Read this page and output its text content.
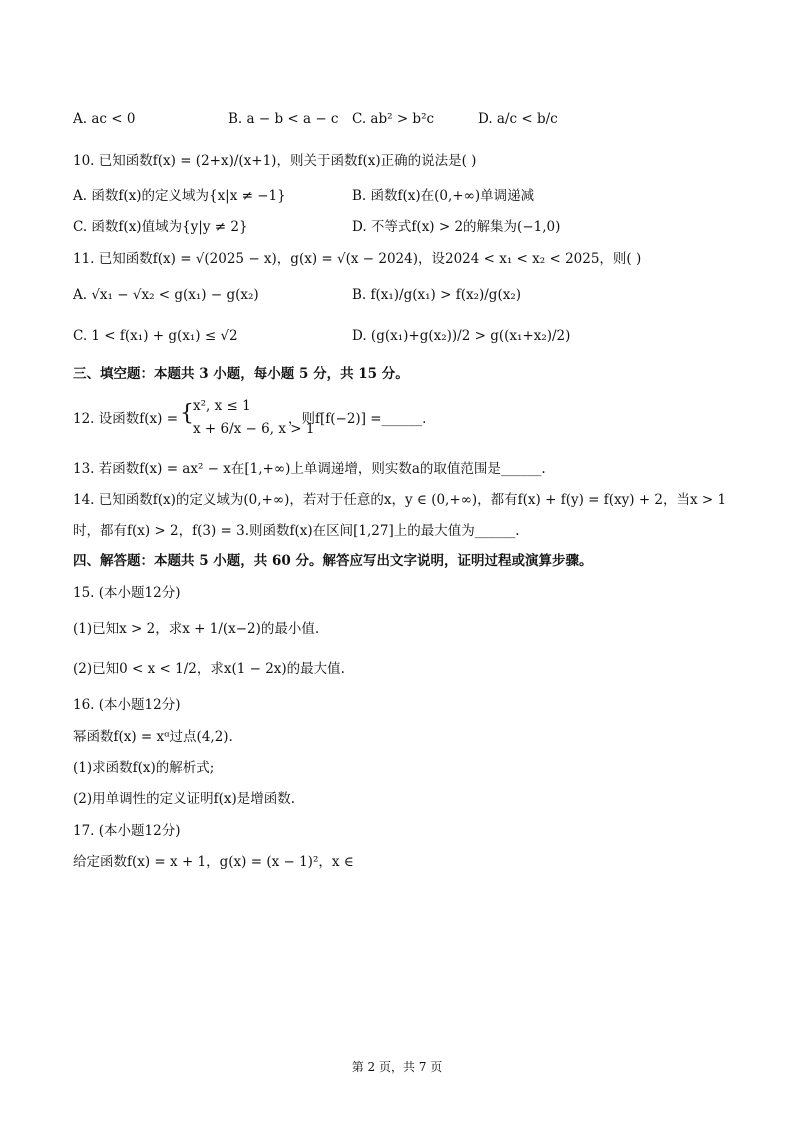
A. ac < 0	B. a − b < a − c C. ab² > b²c	D. a/c < b/c
10. 已知函数f(x) = (2+x)/(x+1)，则关于函数f(x)正确的说法是( )
A. 函数f(x)的定义域为{x|x ≠ −1}	B. 函数f(x)在(0,+∞)单调递减
C. 函数f(x)值域为{y|y ≠ 2}	D. 不等式f(x) > 2的解集为(−1,0)
11. 已知函数f(x) = √(2025 − x)，g(x) = √(x − 2024)，设2024 < x₁ < x₂ < 2025，则( )
A. √x₁ − √x₂ < g(x₁) − g(x₂)	B. f(x₁)/g(x₁) > f(x₂)/g(x₂)
C. 1 < f(x₁) + g(x₁) ≤ √2	D. (g(x₁)+g(x₂))/2 > g((x₁+x₂)/2)
三、填空题：本题共 3 小题，每小题 5 分，共 15 分。
12. 设函数f(x) = { x², x ≤ 1
x + 6/x − 6, x > 1
，则f[f(−2)] =______.
13. 若函数f(x) = ax² − x在[1,+∞)上单调递增，则实数a的取值范围是______.
14. 已知函数f(x)的定义域为(0,+∞)，若对于任意的x，y ∈ (0,+∞)，都有f(x) + f(y) = f(xy) + 2，当x > 1
时，都有f(x) > 2，f(3) = 3.则函数f(x)在区间[1,27]上的最大值为______.
四、解答题：本题共 5 小题，共 60 分。解答应写出文字说明，证明过程或演算步骤。
15. (本小题12分)
(1)已知x > 2，求x + 1/(x−2)的最小值.
(2)已知0 < x < 1/2，求x(1 − 2x)的最大值.
16. (本小题12分)
幂函数f(x) = xᵅ过点(4,2).
(1)求函数f(x)的解析式;
(2)用单调性的定义证明f(x)是增函数.
17. (本小题12分)
给定函数f(x) = x + 1，g(x) = (x − 1)²，x ∈
第 2 页，共 7 页
